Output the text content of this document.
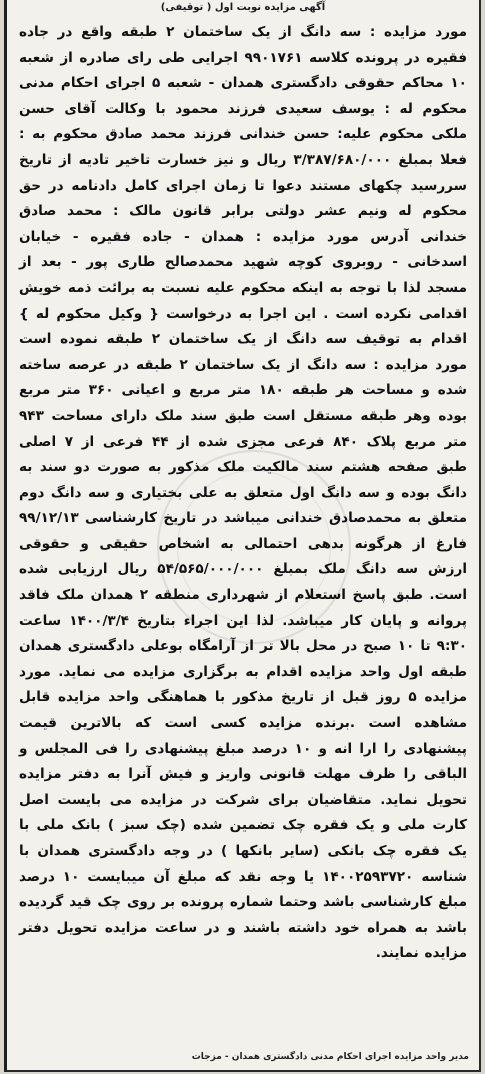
آگهی مزایده نوبت اول ( توقیفی)

مورد مزایده : سه دانگ از یک ساختمان ۲ طبقه واقع در جاده فقیره در پرونده کلاسه ۹۹۰۱۷۶۱ اجرایی طی رای صادره از شعبه ۱۰ محاکم حقوقی دادگستری همدان - شعبه ۵ اجرای احکام مدنی محکوم له : یوسف سعیدی فرزند محمود با وکالت آقای حسن ملکی محکوم علیه: حسن خندانی فرزند محمد صادق محکوم به : فعلا بمبلغ ۳/۳۸۷/۶۸۰/۰۰۰ ریال و نیز خسارت تاخیر تادیه از تاریخ سررسید چکهای مستند دعوا تا زمان اجرای کامل دادنامه در حق محکوم له ونیم عشر دولتی برابر قانون مالک : محمد صادق خندانی آدرس مورد مزایده : همدان - جاده فقیره - خیابان اسدخانی - روبروی کوچه شهید محمدصالح طاری پور - بعد از مسجد لذا با توجه به اینکه محکوم علیه نسبت به برائت ذمه خویش اقدامی نکرده است . این اجرا به درخواست { وکیل محکوم له } اقدام به توقیف سه دانگ از یک ساختمان ۲ طبقه نموده است مورد مزایده : سه دانگ از یک ساختمان ۲ طبقه در عرصه ساخته شده و مساحت هر طبقه ۱۸۰ متر مربع و اعیانی ۳۶۰ متر مربع بوده وهر طبقه مستقل است طبق سند ملک دارای مساحت ۹۴۳ متر مربع پلاک ۸۴۰ فرعی مجزی شده از ۴۴ فرعی از ۷ اصلی طبق صفحه هشتم سند مالکیت ملک مذکور به صورت دو سند به دانگ بوده و سه دانگ اول متعلق به علی بختیاری و سه دانگ دوم متعلق به محمدصادق خندانی میباشد در تاریخ کارشناسی ۹۹/۱۲/۱۳ فارغ از هرگونه بدهی احتمالی به اشخاص حقیقی و حقوقی ارزش سه دانگ ملک بمبلغ ۵۴/۵۶۵/۰۰۰/۰۰۰ ریال ارزیابی شده است. طبق پاسخ استعلام از شهرداری منطقه ۲ همدان ملک فاقد پروانه و پایان کار میباشد. لذا این اجراء بتاریخ ۱۴۰۰/۳/۴ ساعت ۹:۳۰ تا ۱۰ صبح در محل بالا تر از آرامگاه بوعلی دادگستری همدان طبقه اول واحد مزایده اقدام به برگزاری مزایده می نماید. مورد مزایده ۵ روز قبل از تاریخ مذکور با هماهنگی واحد مزایده قابل مشاهده است .برنده مزایده کسی است که بالاترین قیمت پیشنهادی را ارا انه و ۱۰ درصد مبلغ پیشنهادی را فی المجلس و الباقی را ظرف مهلت قانونی واریز و فیش آنرا به دفتر مزایده تحویل نماید. متقاضیان برای شرکت در مزایده می بایست اصل کارت ملی و یک فقره چک تضمین شده (چک سبز ) بانک ملی با یک فقره چک بانکی (سایر بانکها ) در وجه دادگستری همدان با شناسه ۱۴۰۰۲۵۹۳۷۲۰ یا وجه نقد که مبلغ آن میبایست ۱۰ درصد مبلغ کارشناسی باشد وحتما شماره پرونده بر روی چک قید گردیده باشد به همراه خود داشته باشند و در ساعت مزایده تحویل دفتر مزایده نمایند.

مدیر واحد مزایده اجرای احکام مدنی دادگستری همدان - مزجات
